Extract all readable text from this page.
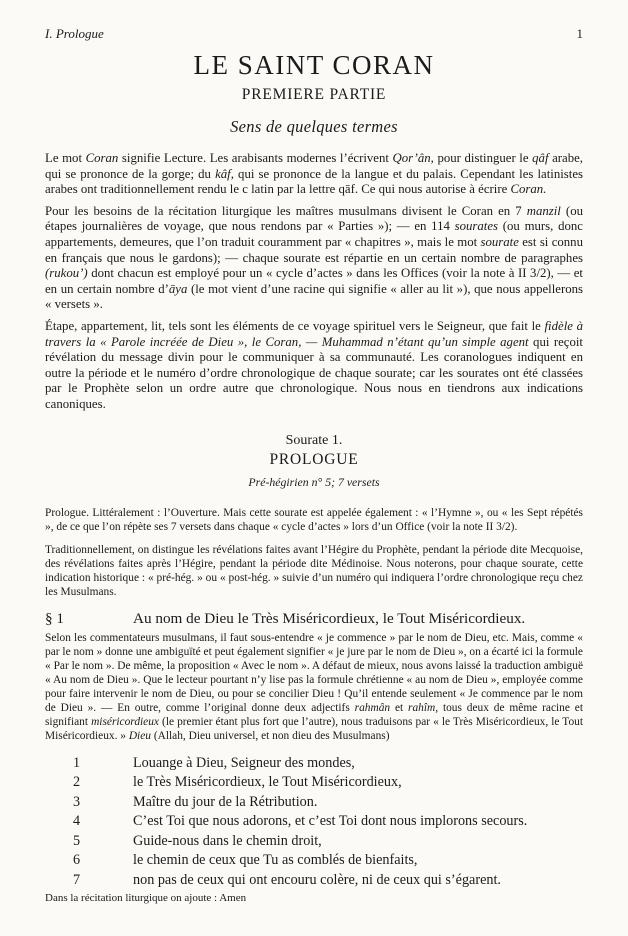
I. Prologue	1
LE SAINT CORAN
PREMIERE PARTIE
Sens de quelques termes

Le mot Coran signifie Lecture. Les arabisants modernes l’écrivent Qor’ân, pour distinguer le qâf arabe, qui se prononce de la gorge; du kâf, qui se prononce de la langue et du palais. Cependant les latinistes arabes ont traditionnellement rendu le c latin par la lettre qāf. Ce qui nous autorise à écrire Coran.

Pour les besoins de la récitation liturgique les maîtres musulmans divisent le Coran en 7 manzil (ou étapes journalières de voyage, que nous rendons par « Parties »); — en 114 sourates (ou murs, donc appartements, demeures, que l’on traduit couramment par « chapitres », mais le mot sourate est si connu en français que nous le gardons); — chaque sourate est répartie en un certain nombre de paragraphes (rukou’) dont chacun est employé pour un « cycle d’actes » dans les Offices (voir la note à II 3/2), — et en un certain nombre d’āya (le mot vient d’une racine qui signifie « aller au lit »), que nous appellerons « versets ».

Étape, appartement, lit, tels sont les éléments de ce voyage spirituel vers le Seigneur, que fait le fidèle à travers la « Parole incréée de Dieu », le Coran, — Muhammad n’étant qu’un simple agent qui reçoit révélation du message divin pour le communiquer à sa communauté. Les coranologues indiquent en outre la période et le numéro d’ordre chronologique de chaque sourate; car les sourates ont été classées par le Prophète selon un ordre autre que chronologique. Nous nous en tiendrons aux indications canoniques.

Sourate 1.
PROLOGUE
Pré-hégirien n° 5; 7 versets

Prologue. Littéralement : l’Ouverture. Mais cette sourate est appelée également : « l’Hymne », ou « les Sept répétés », de ce que l’on répète ses 7 versets dans chaque « cycle d’actes » lors d’un Office (voir la note II 3/2).

Traditionnellement, on distingue les révélations faites avant l’Hégire du Prophète, pendant la période dite Mecquoise, des révélations faites après l’Hégire, pendant la période dite Médinoise. Nous noterons, pour chaque sourate, cette indication historique : « pré-hég. » ou « post-hég. » suivie d’un numéro qui indiquera l’ordre chronologique reçu chez les Musulmans.

§ 1	Au nom de Dieu le Très Miséricordieux, le Tout Miséricordieux.

Selon les commentateurs musulmans, il faut sous-entendre « je commence » par le nom de Dieu, etc. Mais, comme « par le nom » donne une ambiguïté et peut également signifier « je jure par le nom de Dieu », on a écarté ici la formule « Par le nom ». De même, la proposition « Avec le nom ». A défaut de mieux, nous avons laissé la traduction ambiguë « Au nom de Dieu ». Que le lecteur pourtant n’y lise pas la formule chrétienne « au nom de Dieu », employée comme pour faire intervenir le nom de Dieu, ou pour se concilier Dieu ! Qu’il entende seulement « Je commence par le nom de Dieu ». — En outre, comme l’original donne deux adjectifs rahmân et rahîm, tous deux de même racine et signifiant miséricordieux (le premier étant plus fort que l’autre), nous traduisons par « le Très Miséricordieux, le Tout Miséricordieux. » Dieu (Allah, Dieu universel, et non dieu des Musulmans)

1	Louange à Dieu, Seigneur des mondes,
2	le Très Miséricordieux, le Tout Miséricordieux,
3	Maître du jour de la Rétribution.
4	C’est Toi que nous adorons, et c’est Toi dont nous implorons secours.
5	Guide-nous dans le chemin droit,
6	le chemin de ceux que Tu as comblés de bienfaits,
7	non pas de ceux qui ont encouru colère, ni de ceux qui s’égarent.
Dans la récitation liturgique on ajoute : Amen
